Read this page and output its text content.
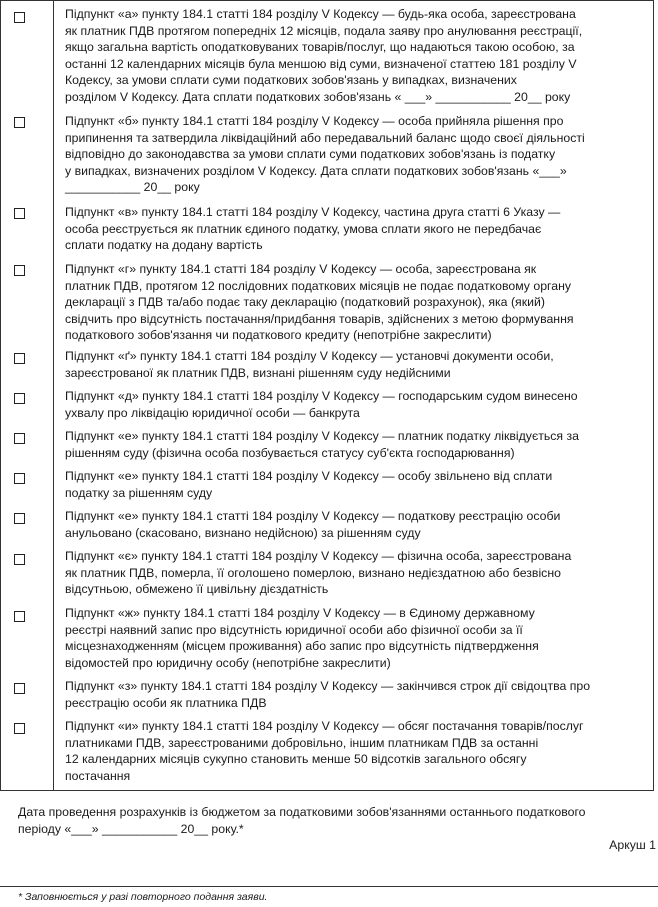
Підпункт «а» пункту 184.1 статті 184 розділу V Кодексу — будь-яка особа, зареєстрована
як платник ПДВ протягом попередніх 12 місяців, подала заяву про анулювання реєстрації,
якщо загальна вартість оподатковуваних товарів/послуг, що надаються такою особою, за
останні 12 календарних місяців була меншою від суми, визначеної статтею 181 розділу V
Кодексу, за умови сплати суми податкових зобов'язань у випадках, визначених
розділом V Кодексу. Дата сплати податкових зобов'язань « ___» ___________ 20__ року
Підпункт «б» пункту 184.1 статті 184 розділу V Кодексу — особа прийняла рішення про
припинення та затвердила ліквідаційний або передавальний баланс щодо своєї діяльності
відповідно до законодавства за умови сплати суми податкових зобов'язань із податку
у випадках, визначених розділом V Кодексу. Дата сплати податкових зобов'язань «___»
___________ 20__ року
Підпункт «в» пункту 184.1 статті 184 розділу V Кодексу, частина друга статті 6 Указу —
особа реєструється як платник єдиного податку, умова сплати якого не передбачає
сплати податку на додану вартість
Підпункт «г» пункту 184.1 статті 184 розділу V Кодексу — особа, зареєстрована як
платник ПДВ, протягом 12 послідовних податкових місяців не подає податковому органу
декларації з ПДВ та/або подає таку декларацію (податковий розрахунок), яка (який)
свідчить про відсутність постачання/придбання товарів, здійснених з метою формування
податкового зобов'язання чи податкового кредиту (непотрібне закреслити)
Підпункт «ґ» пункту 184.1 статті 184 розділу V Кодексу — установчі документи особи,
зареєстрованої як платник ПДВ, визнані рішенням суду недійсними
Підпункт «д» пункту 184.1 статті 184 розділу V Кодексу — господарським судом винесено
ухвалу про ліквідацію юридичної особи — банкрута
Підпункт «е» пункту 184.1 статті 184 розділу V Кодексу — платник податку ліквідується за
рішенням суду (фізична особа позбувається статусу суб'єкта господарювання)
Підпункт «е» пункту 184.1 статті 184 розділу V Кодексу — особу звільнено від сплати
податку за рішенням суду
Підпункт «е» пункту 184.1 статті 184 розділу V Кодексу — податкову реєстрацію особи
анульовано (скасовано, визнано недійсною) за рішенням суду
Підпункт «є» пункту 184.1 статті 184 розділу V Кодексу — фізична особа, зареєстрована
як платник ПДВ, померла, її оголошено померлою, визнано недієздатною або безвісно
відсутньою, обмежено її цивільну дієздатність
Підпункт «ж» пункту 184.1 статті 184 розділу V Кодексу — в Єдиному державному
реєстрі наявний запис про відсутність юридичної особи або фізичної особи за її
місцезнаходженням (місцем проживання) або запис про відсутність підтвердження
відомостей про юридичну особу (непотрібне закреслити)
Підпункт «з» пункту 184.1 статті 184 розділу V Кодексу — закінчився строк дії свідоцтва про
реєстрацію особи як платника ПДВ
Підпункт «и» пункту 184.1 статті 184 розділу V Кодексу — обсяг постачання товарів/послуг
платниками ПДВ, зареєстрованими добровільно, іншим платникам ПДВ за останні
12 календарних місяців сукупно становить менше 50 відсотків загального обсягу
постачання
Дата проведення розрахунків із бюджетом за податковими зобов'язаннями останнього податкового
періоду «___» ___________ 20__ року.*
Аркуш 1
* Заповнюється у разі повторного подання заяви.
